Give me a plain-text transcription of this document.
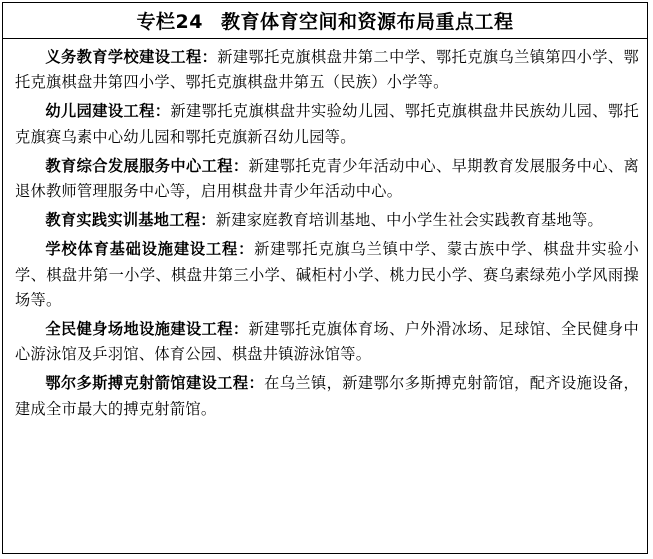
专栏24 教育体育空间和资源布局重点工程

义务教育学校建设工程：新建鄂托克旗棋盘井第二中学、鄂托克旗乌兰镇第四小学、鄂托克旗棋盘井第四小学、鄂托克旗棋盘井第五（民族）小学等。

幼儿园建设工程：新建鄂托克旗棋盘井实验幼儿园、鄂托克旗棋盘井民族幼儿园、鄂托克旗赛乌素中心幼儿园和鄂托克旗新召幼儿园等。

教育综合发展服务中心工程：新建鄂托克青少年活动中心、早期教育发展服务中心、离退休教师管理服务中心等，启用棋盘井青少年活动中心。

教育实践实训基地工程：新建家庭教育培训基地、中小学生社会实践教育基地等。

学校体育基础设施建设工程：新建鄂托克旗乌兰镇中学、蒙古族中学、棋盘井实验小学、棋盘井第一小学、棋盘井第三小学、碱柜村小学、桃力民小学、赛乌素绿苑小学风雨操场等。

全民健身场地设施建设工程：新建鄂托克旗体育场、户外滑冰场、足球馆、全民健身中心游泳馆及乒羽馆、体育公园、棋盘井镇游泳馆等。

鄂尔多斯搏克射箭馆建设工程：在乌兰镇，新建鄂尔多斯搏克射箭馆，配齐设施设备，建成全市最大的搏克射箭馆。
